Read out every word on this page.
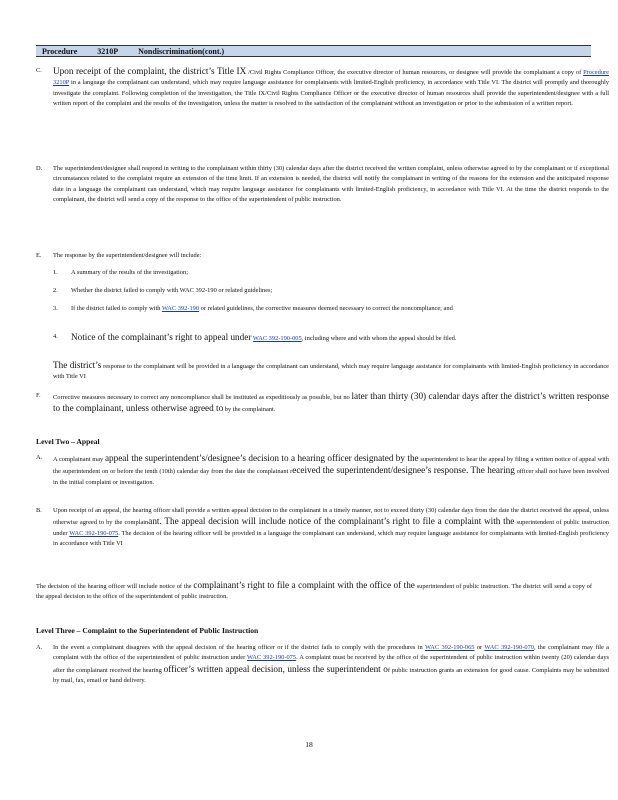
Procedure	3210P	Nondiscrimination(cont.)
C. Upon receipt of the complaint, the district’s Title IX /Civil Rights Compliance Officer, the executive director of human resources, or designee will provide the complainant a copy of Procedure 3210P in a language the complainant can understand, which may require language assistance for complainants with limited-English proficiency, in accordance with Title VI. The district will promptly and thoroughly investigate the complaint. Following completion of the investigation, the Title IX/Civil Rights Compliance Officer or the executive director of human resources shall provide the superintendent/designee with a full written report of the complaint and the results of the investigation, unless the matter is resolved to the satisfaction of the complainant without an investigation or prior to the submission of a written report.
D. The superintendent/designee shall respond in writing to the complainant within thirty (30) calendar days after the district received the written complaint, unless otherwise agreed to by the complainant or if exceptional circumstances related to the complaint require an extension of the time limit. If an extension is needed, the district will notify the complainant in writing of the reasons for the extension and the anticipated response date in a language the complainant can understand, which may require language assistance for complainants with limited-English proficiency, in accordance with Title VI. At the time the district responds to the complainant, the district will send a copy of the response to the office of the superintendent of public instruction.
E. The response by the superintendent/designee will include:
1.	A summary of the results of the investigation;
2.	Whether the district failed to comply with WAC 392-190 or related guidelines;
3.	If the district failed to comply with WAC 392-190 or related guidelines, the corrective measures deemed necessary to correct the noncompliance; and
4.	Notice of the complainant’s right to appeal under WAC 392-190-005, including where and with whom the appeal should be filed.
The district’s response to the complainant will be provided in a language the complainant can understand, which may require language assistance for complainants with limited-English proficiency in accordance with Title VI
F. Corrective measures necessary to correct any noncompliance shall be instituted as expeditiously as possible, but no later than thirty (30) calendar days after the district’s written response to the complainant, unless otherwise agreed to by the complainant.
Level Two – Appeal
A. A complainant may appeal the superintendent’s/designee’s decision to a hearing officer designated by the superintendent to hear the appeal by filing a written notice of appeal with the superintendent on or before the tenth (10th) calendar day from the date the complainant received the superintendent/designee’s response. The hearing officer shall not have been involved in the initial complaint or investigation.
B. Upon receipt of an appeal, the hearing officer shall provide a written appeal decision to the complainant in a timely manner, not to exceed thirty (30) calendar days from the date the district received the appeal, unless otherwise agreed to by the complainant. The appeal decision will include notice of the complainant’s right to file a complaint with the superintendent of public instruction under WAC 392-190-075. The decision of the hearing officer will be provided in a language the complainant can understand, which may require language assistance for complainants with limited-English proficiency in accordance with Title VI
The decision of the hearing officer will include notice of the complainant’s right to file a complaint with the office of the superintendent of public instruction. The district will send a copy of the appeal decision to the office of the superintendent of public instruction.
Level Three – Complaint to the Superintendent of Public Instruction
A. In the event a complainant disagrees with the appeal decision of the hearing officer or if the district fails to comply with the procedures in WAC 392-190-065 or WAC 392-190-070, the complainant may file a complaint with the office of the superintendent of public instruction under WAC 392-190-075. A complaint must be received by the office of the superintendent of public instruction within twenty (20) calendar days after the complainant received the hearing officer’s written appeal decision, unless the superintendent of public instruction grants an extension for good cause. Complaints may be submitted by mail, fax, email or hand delivery.
18
